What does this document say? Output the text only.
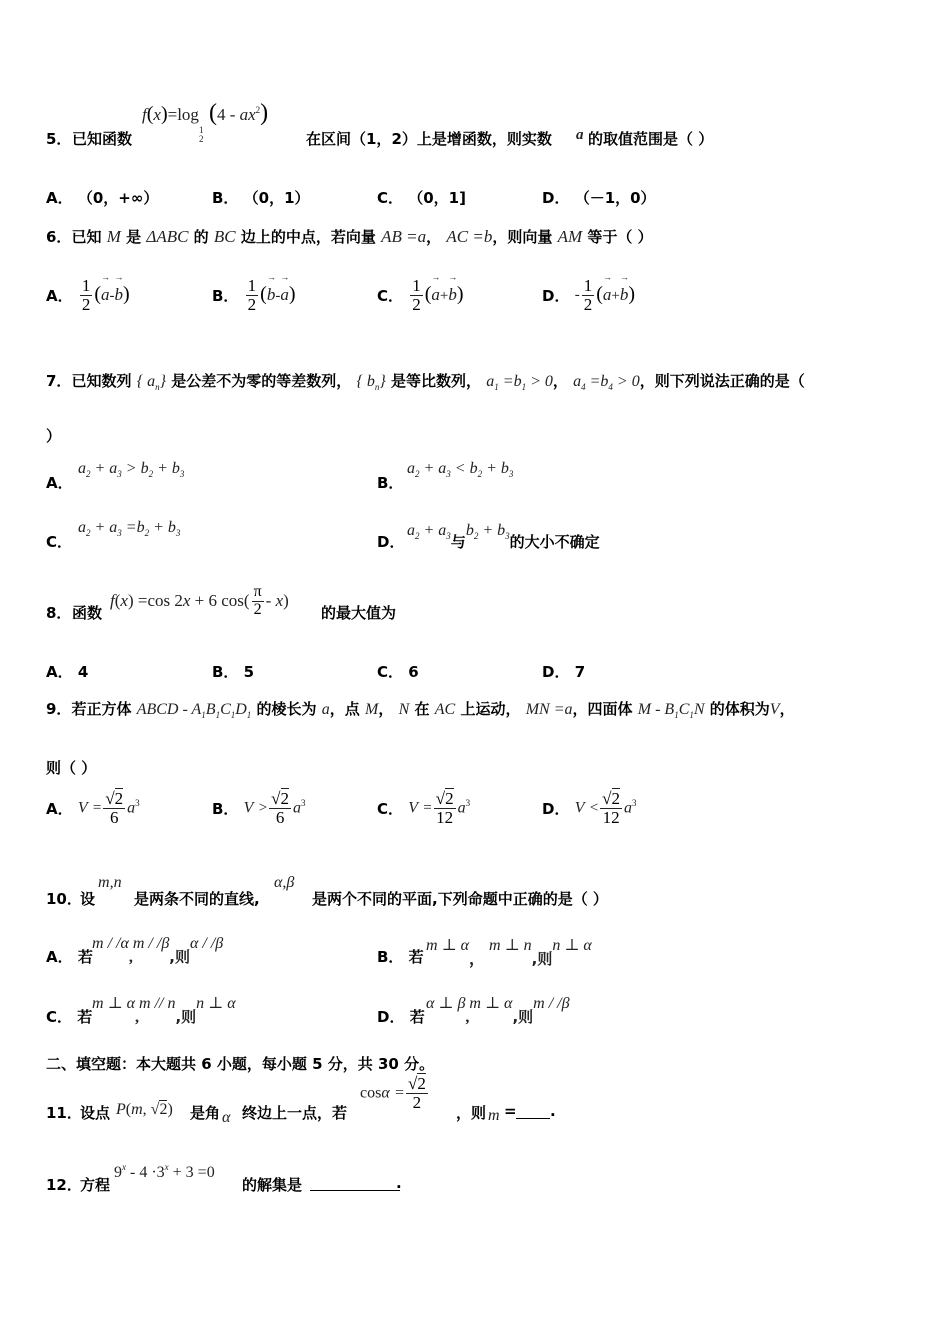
5． 已知函数
f(x)=log
1
2
$(4 - ax^2)$
在区间（1，2）上是增函数，则实数 a 的取值范围是（ ）
A． （0，+∞）	B． （0，1）	C． （0，1]	D． （－1，0）
6．已知 M 是 ΔABC 的 BC 边上的中点，若向量 AB =a， AC =b，则向量 AM 等于（ ）
A． $\frac{1}{2}$ (→ a-→ b)	B． $\frac{1}{2}$ (→ b-→ a)	C． $\frac{1}{2}$ (→ a+→ b)	D． - $\frac{1}{2}$ (→ a+→ b)
7．已知数列 { $a_n$} 是公差不为零的等差数列， { $b_n$} 是等比数列， $a_1 =b_1 > 0$， $a_4 =b_4 > 0$，则下列说法正确的是（
）
A．
$a_2 + a_3 > b_2 + b_3$	B．
$a_2 + a_3 < b_2 + b_3$
C．
$a_2 + a_3 =b_2 + b_3$	D．
$a_2 + a_3$与$b_2 + b_3$的大小不确定
8． 函数
f(x) =cos 2x + 6 $\cos( \frac{\pi}{2} - x)$
的最大值为
A． 4	B． 5	C． 6	D． 7
9．若正方体 ABCD - $A_1B_1C_1D_1$ 的棱长为 a，点 M， N 在 AC 上运动， MN =a，四面体 M - $B_1C_1N$ 的体积为V，
则（ ）
A． $V = \frac{√2}{6} a^3$	B． $V > \frac{√2}{6} a^3$	C． $V = \frac{√2}{12} a^3$	D． $V < \frac{√2}{12} a^3$
10．
设
m,n
是两条不同的直线,
α,β
是两个不同的平面,下列命题中正确的是（ ）
A． 若
m / /α,m / /β,则α / /β
B． 若
m ⊥ α， m ⊥ n,则n ⊥ α
C． 若
m ⊥ α,m // n,则n ⊥ α
D． 若
α ⊥ β,m ⊥ α,则m / /β
二、填空题：本大题共 6 小题，每小题 5 分，共 30 分。
11．
设点 P(m, √2) 是角 α 终边上一点，若
$\cos\alpha = \frac{√2}{2}$
，则 m = .
12．
方程
$9^x - 4 \cdot 3^x + 3 =0$
的解集是	.
